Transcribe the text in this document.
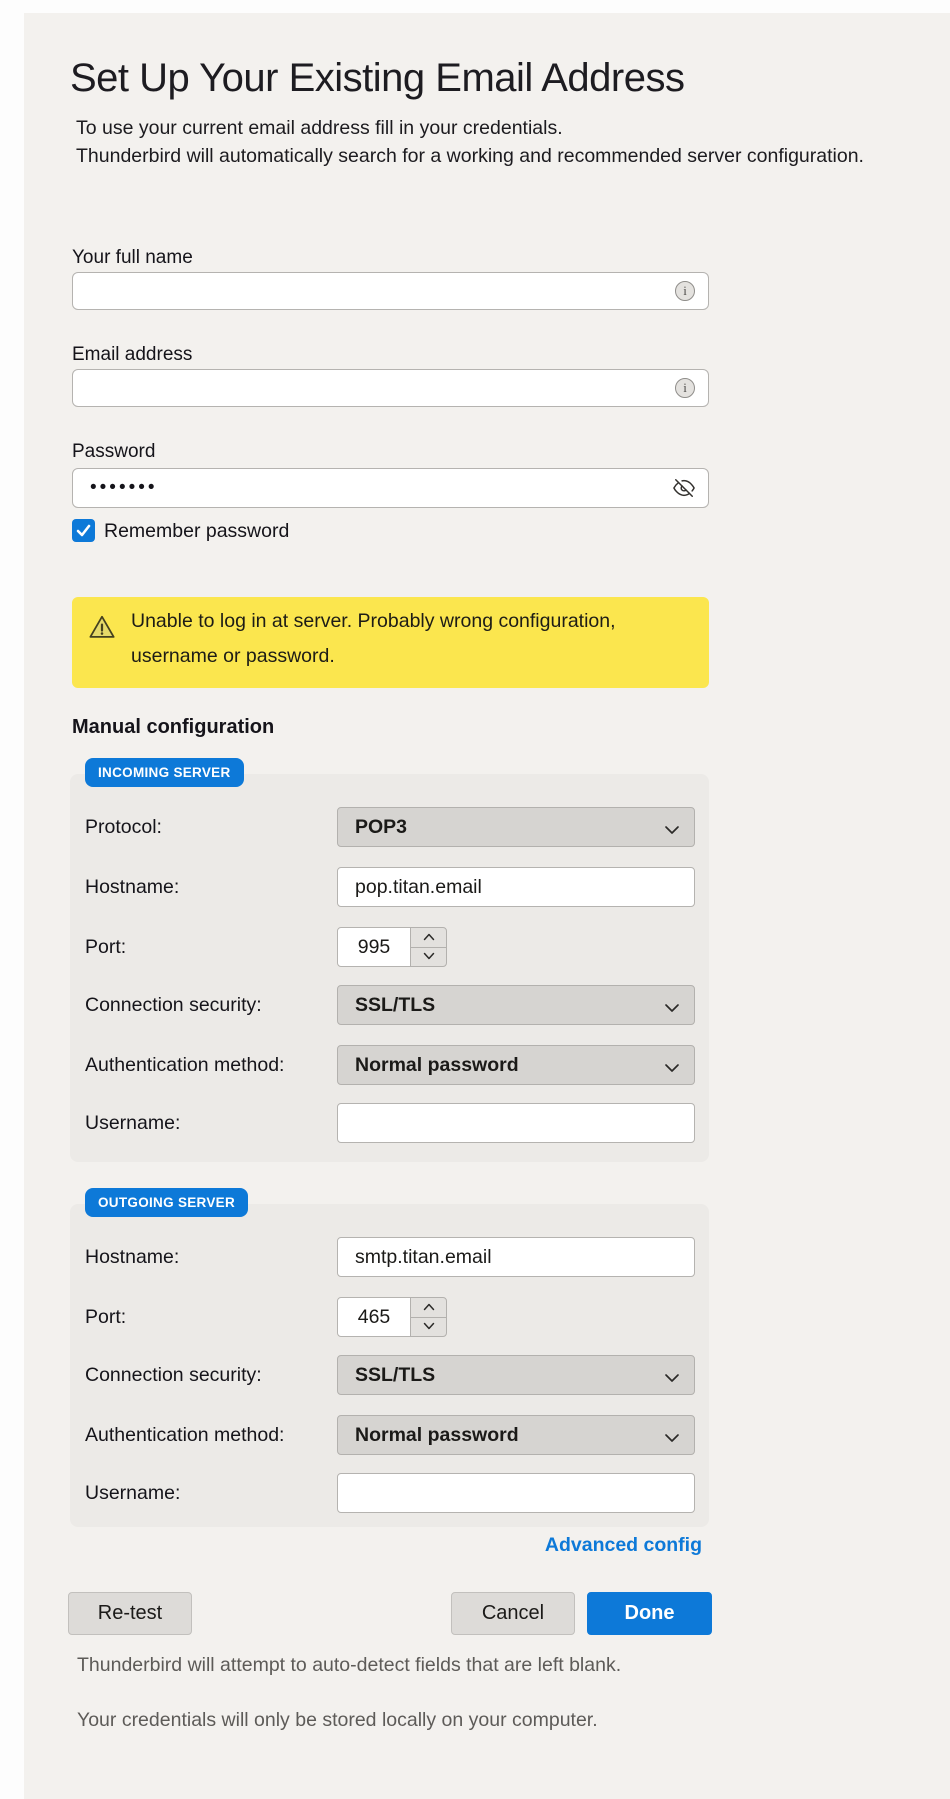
Set Up Your Existing Email Address
To use your current email address fill in your credentials.
Thunderbird will automatically search for a working and recommended server configuration.
Your full name
i
Email address
i
Password
•••••••
Remember password
Unable to log in at server. Probably wrong configuration,
username or password.
Manual configuration
INCOMING SERVER
Protocol:	POP3
Hostname:	pop.titan.email
Port:	995
Connection security:	SSL/TLS
Authentication method:	Normal password
Username:
OUTGOING SERVER
Hostname:	smtp.titan.email
Port:	465
Connection security:	SSL/TLS
Authentication method:	Normal password
Username:
Advanced config
Re-test	Cancel	Done
Thunderbird will attempt to auto-detect fields that are left blank.
Your credentials will only be stored locally on your computer.
